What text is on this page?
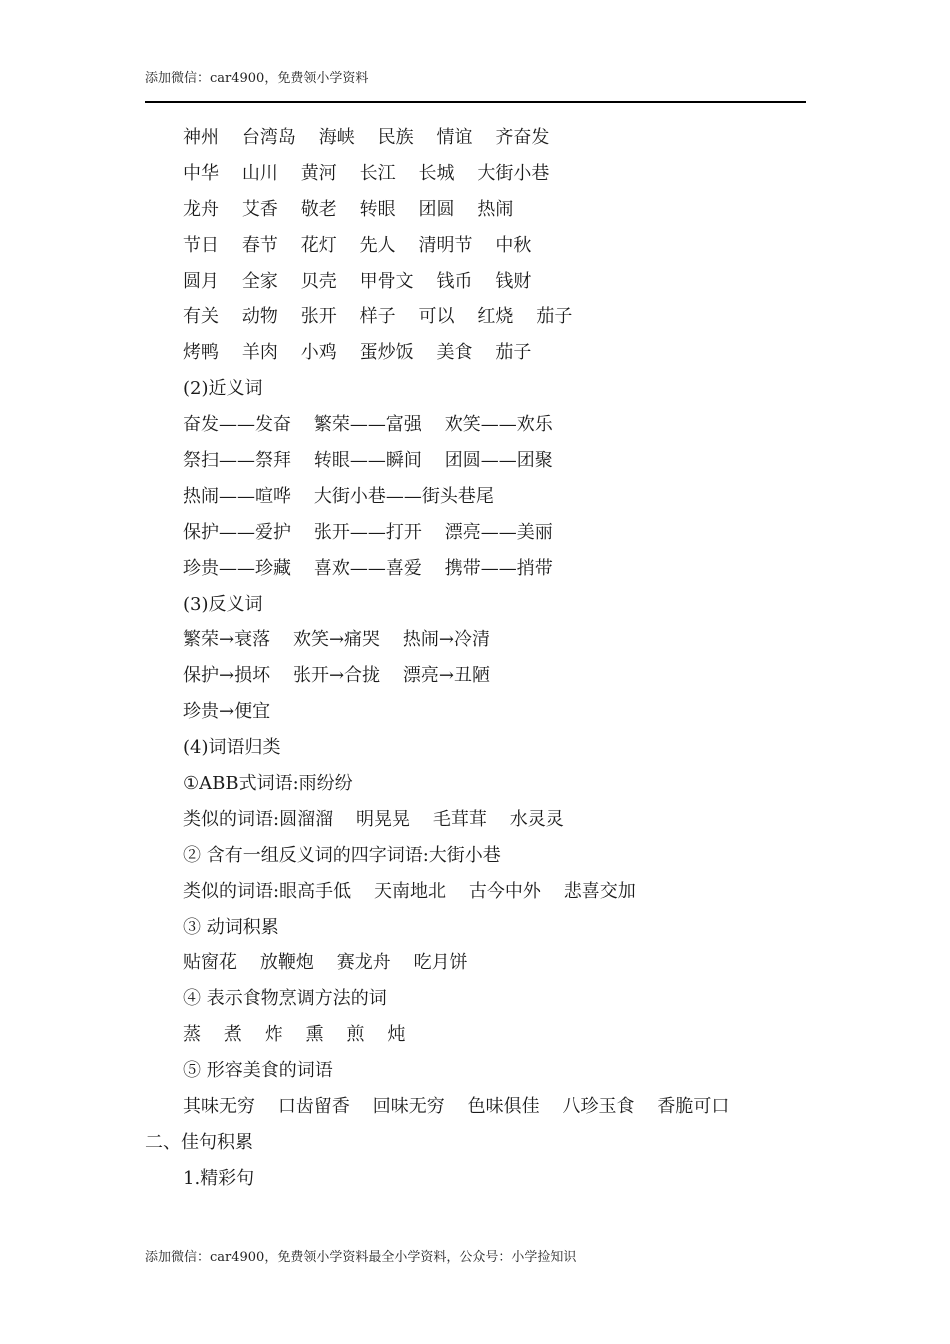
添加微信：car4900，免费领小学资料
神州    台湾岛    海峡    民族    情谊    齐奋发
中华    山川    黄河    长江    长城    大街小巷
龙舟    艾香    敬老    转眼    团圆    热闹
节日    春节    花灯    先人    清明节    中秋
圆月    全家    贝壳    甲骨文    钱币    钱财
有关    动物    张开    样子    可以    红烧    茄子
烤鸭    羊肉    小鸡    蛋炒饭    美食    茄子
(2)近义词
奋发——发奋    繁荣——富强    欢笑——欢乐
祭扫——祭拜    转眼——瞬间    团圆——团聚
热闹——喧哗    大街小巷——街头巷尾
保护——爱护    张开——打开    漂亮——美丽
珍贵——珍藏    喜欢——喜爱    携带——捎带
(3)反义词
繁荣→衰落    欢笑→痛哭    热闹→冷清
保护→损坏    张开→合拢    漂亮→丑陋
珍贵→便宜
(4)词语归类
①ABB式词语:雨纷纷
类似的词语:圆溜溜    明晃晃    毛茸茸    水灵灵
② 含有一组反义词的四字词语:大街小巷
类似的词语:眼高手低    天南地北    古今中外    悲喜交加
③ 动词积累
贴窗花    放鞭炮    赛龙舟    吃月饼
④ 表示食物烹调方法的词
蒸    煮    炸    熏    煎    炖
⑤ 形容美食的词语
其味无穷    口齿留香    回味无穷    色味俱佳    八珍玉食    香脆可口
二、佳句积累
1.精彩句
添加微信：car4900，免费领小学资料最全小学资料，公众号：小学捡知识
